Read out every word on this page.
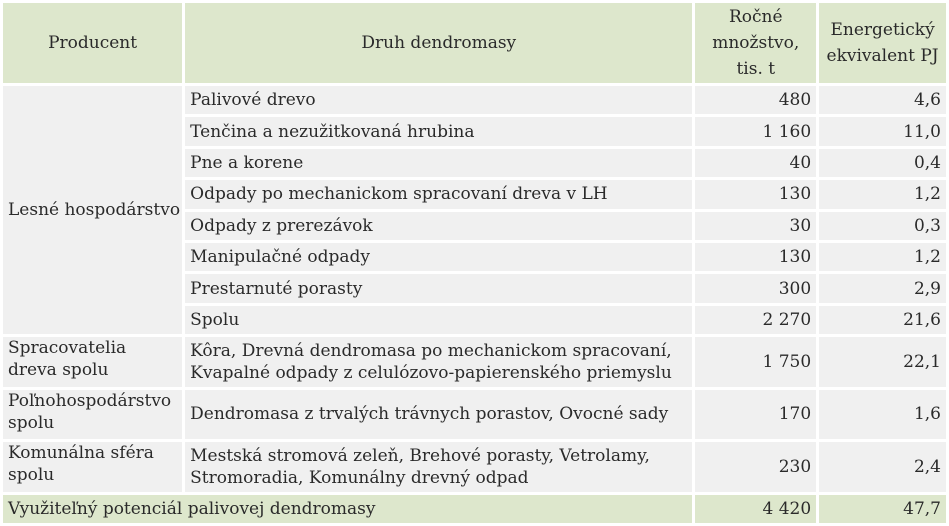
Producent	Druh dendromasy	Ročné množstvo, tis. t	Energetický ekvivalent PJ
Lesné hospodárstvo	Palivové drevo	480	4,6
	Tenčina a nezužitkovaná hrubina	1 160	11,0
	Pne a korene	40	0,4
	Odpady po mechanickom spracovaní dreva v LH	130	1,2
	Odpady z prerezávok	30	0,3
	Manipulačné odpady	130	1,2
	Prestarnuté porasty	300	2,9
	Spolu	2 270	21,6
Spracovatelia dreva spolu	Kôra, Drevná dendromasa po mechanickom spracovaní, Kvapalné odpady z celulózovo-papierenského priemyslu	1 750	22,1
Poľnohospodárstvo spolu	Dendromasa z trvalých trávnych porastov, Ovocné sady	170	1,6
Komunálna sféra spolu	Mestská stromová zeleň, Brehové porasty, Vetrolamy, Stromoradia, Komunálny drevný odpad	230	2,4
Využiteľný potenciál palivovej dendromasy		4 420	47,7
